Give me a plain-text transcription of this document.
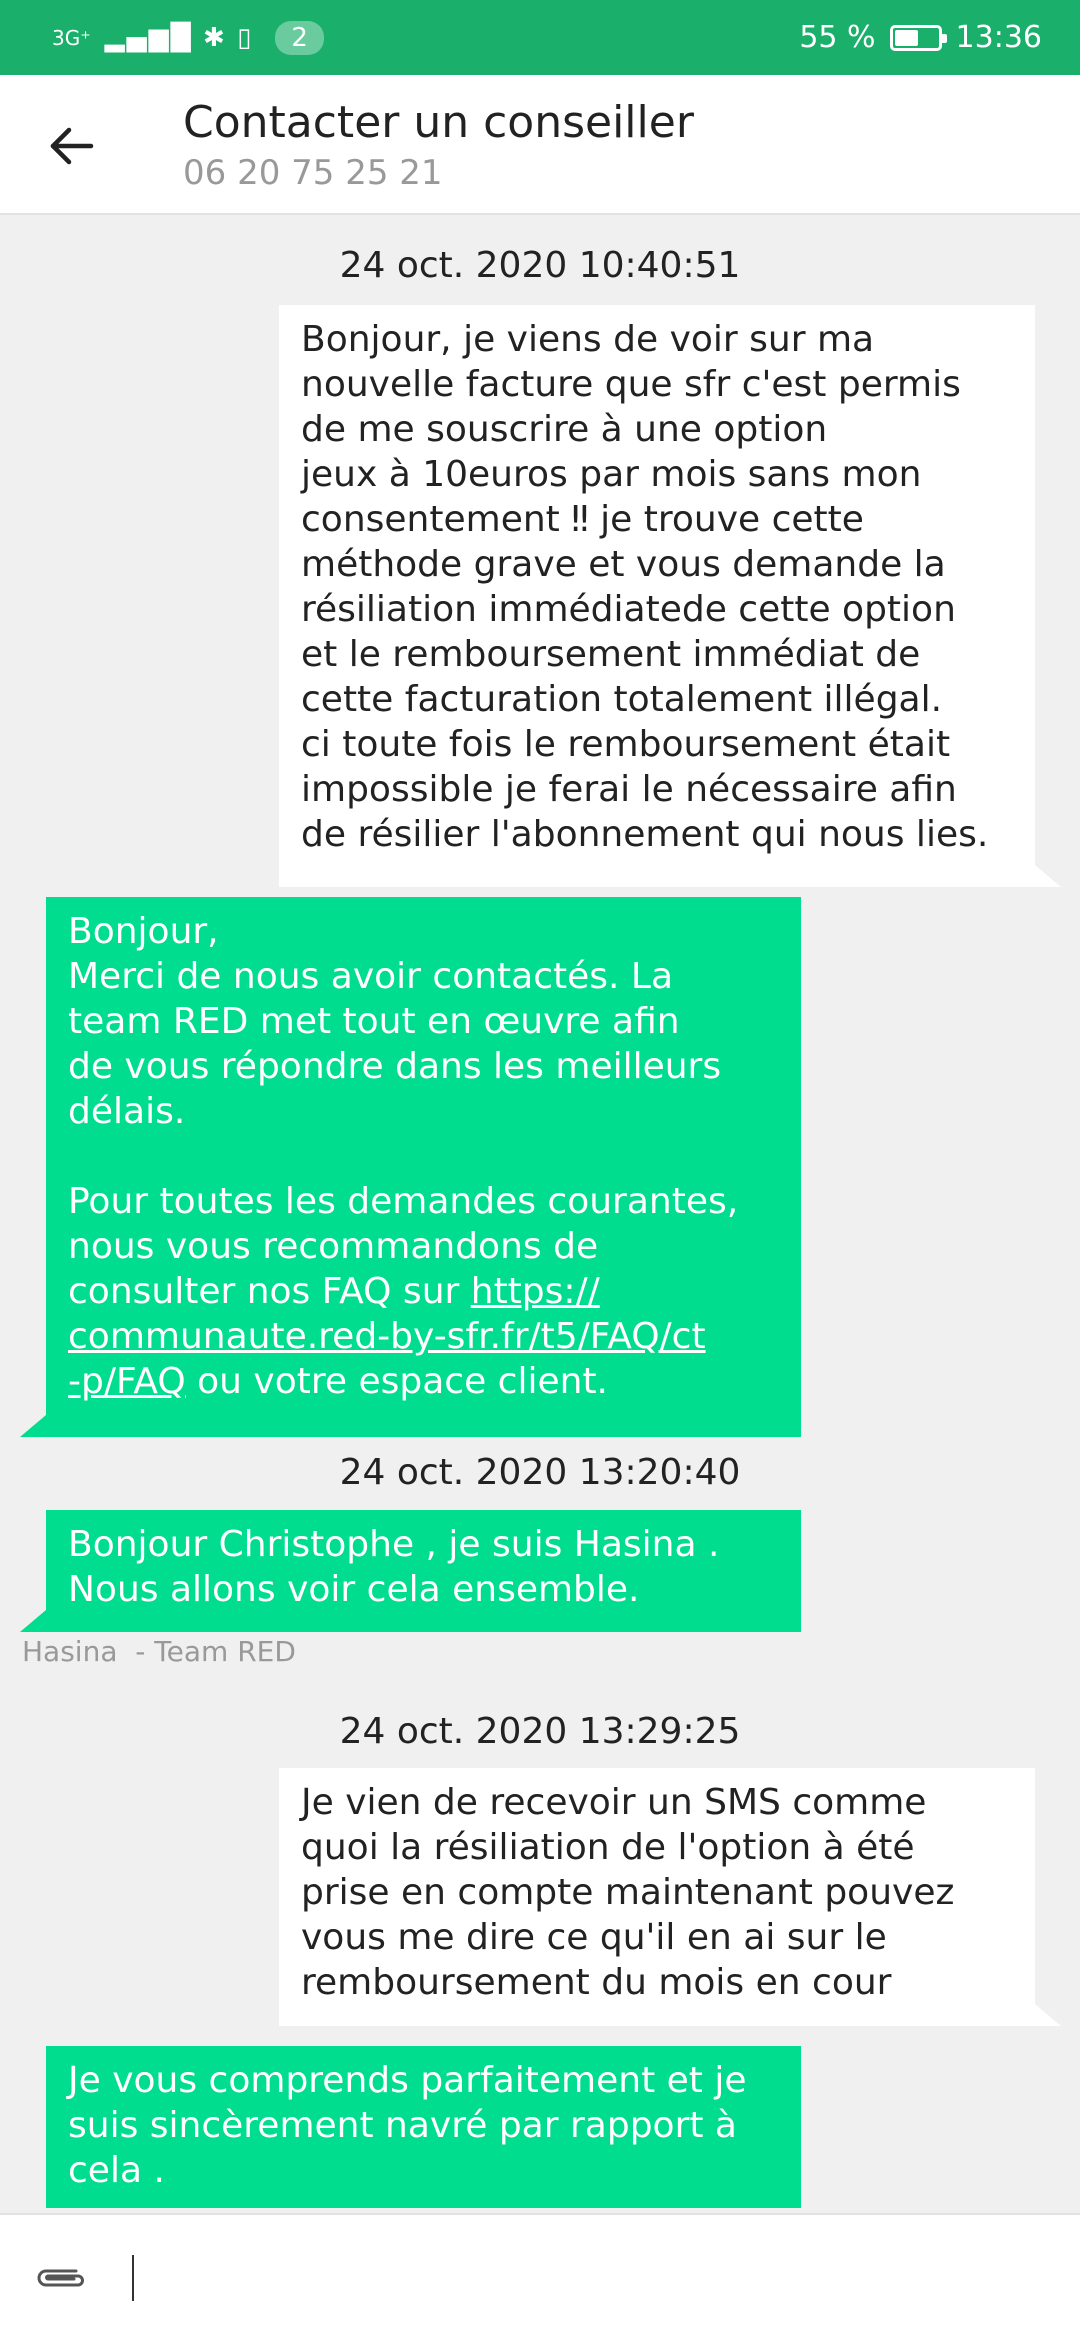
3G⁺ ▂▄▆█ ✱ ▯	2	55 %	13:36
Contacter un conseiller
06 20 75 25 21
24 oct. 2020 10:40:51
Bonjour, je viens de voir sur ma
nouvelle facture que sfr c'est permis
de me souscrire à une option
jeux à 10euros par mois sans mon
consentement ‼ je trouve cette
méthode grave et vous demande la
résiliation immédiatede cette option
et le remboursement immédiat de
cette facturation totalement illégal.
ci toute fois le remboursement était
impossible je ferai le nécessaire afin
de résilier l'abonnement qui nous lies.
Bonjour,
Merci de nous avoir contactés. La
team RED met tout en œuvre afin
de vous répondre dans les meilleurs
délais.

Pour toutes les demandes courantes,
nous vous recommandons de
consulter nos FAQ sur https://
communaute.red-by-sfr.fr/t5/FAQ/ct
-p/FAQ ou votre espace client.
24 oct. 2020 13:20:40
Bonjour Christophe , je suis Hasina .
Nous allons voir cela ensemble.
Hasina  - Team RED
24 oct. 2020 13:29:25
Je vien de recevoir un SMS comme
quoi la résiliation de l'option à été
prise en compte maintenant pouvez
vous me dire ce qu'il en ai sur le
remboursement du mois en cour
Je vous comprends parfaitement et je
suis sincèrement navré par rapport à
cela .
